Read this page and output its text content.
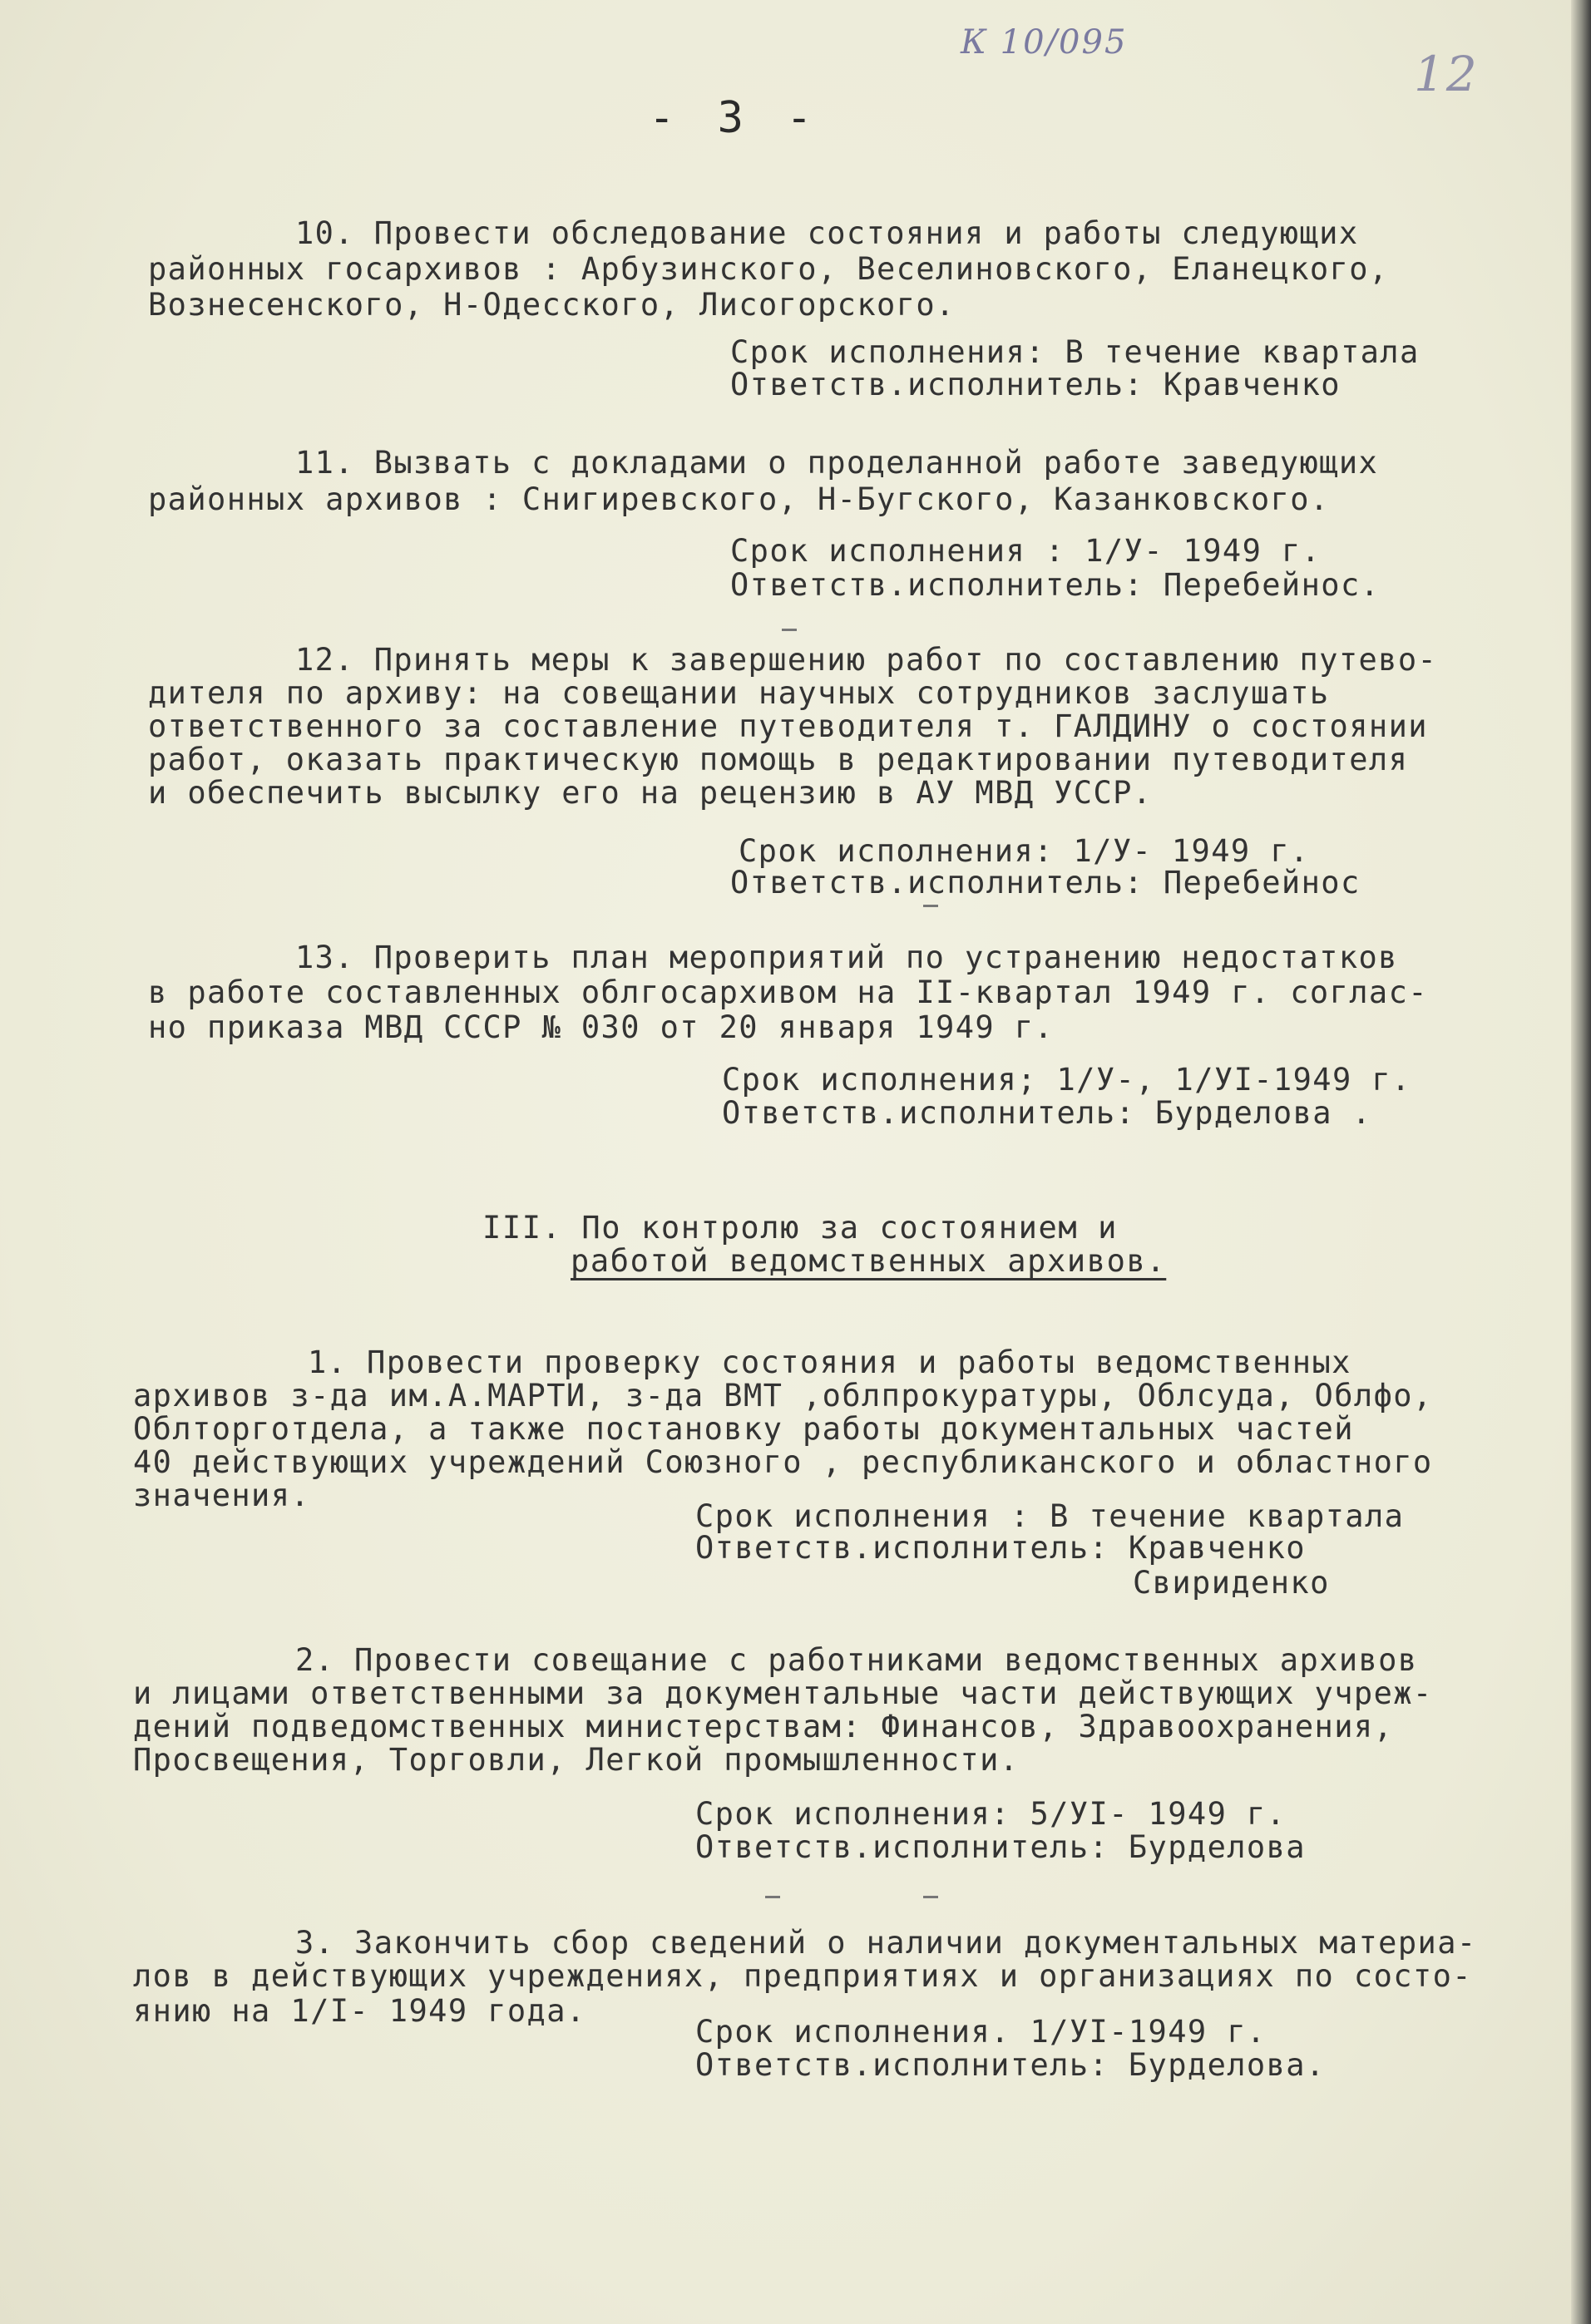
К 10/095
12
- 3 -
10. Провести обследование состояния и работы следующих
районных госархивов : Арбузинского, Веселиновского, Еланецкого,
Вознесенского, Н-Одесского, Лисогорского.
Срок исполнения: В течение квартала
Ответств.исполнитель: Кравченко
11. Вызвать с докладами о проделанной работе заведующих
районных архивов : Снигиревского, Н-Бугского, Казанковского.
Срок исполнения : 1/У- 1949 г.
Ответств.исполнитель: Перебейнос.
12. Принять меры к завершению работ по составлению путево-
дителя по архиву: на совещании научных сотрудников заслушать
ответственного за составление путеводителя т. ГАЛДИНУ о состоянии
работ, оказать практическую помощь в редактировании путеводителя
и обеспечить высылку его на рецензию в АУ МВД УССР.
Срок исполнения: 1/У- 1949 г.
Ответств.исполнитель: Перебейнос
13. Проверить план мероприятий по устранению недостатков
в работе составленных облгосархивом на II-квартал 1949 г. соглас-
но приказа МВД СССР № 030 от 20 января 1949 г.
Срок исполнения; 1/У-, 1/УI-1949 г.
Ответств.исполнитель: Бурделова .
III. По контролю за состоянием и
работой ведомственных архивов.
1. Провести проверку состояния и работы ведомственных
архивов з-да им.А.МАРТИ, з-да ВМТ ,облпрокуратуры, Облсуда, Облфо,
Облторготдела, а также постановку работы документальных частей
40 действующих учреждений Союзного , республиканского и областного
значения.
Срок исполнения : В течение квартала
Ответств.исполнитель: Кравченко
Свириденко
2. Провести совещание с работниками ведомственных архивов
и лицами ответственными за документальные части действующих учреж-
дений подведомственных министерствам: Финансов, Здравоохранения,
Просвещения, Торговли, Легкой промышленности.
Срок исполнения: 5/УI- 1949 г.
Ответств.исполнитель: Бурделова
3. Закончить сбор сведений о наличии документальных материа-
лов в действующих учреждениях, предприятиях и организациях по состо-
янию на 1/I- 1949 года.
Срок исполнения. 1/УI-1949 г.
Ответств.исполнитель: Бурделова.
